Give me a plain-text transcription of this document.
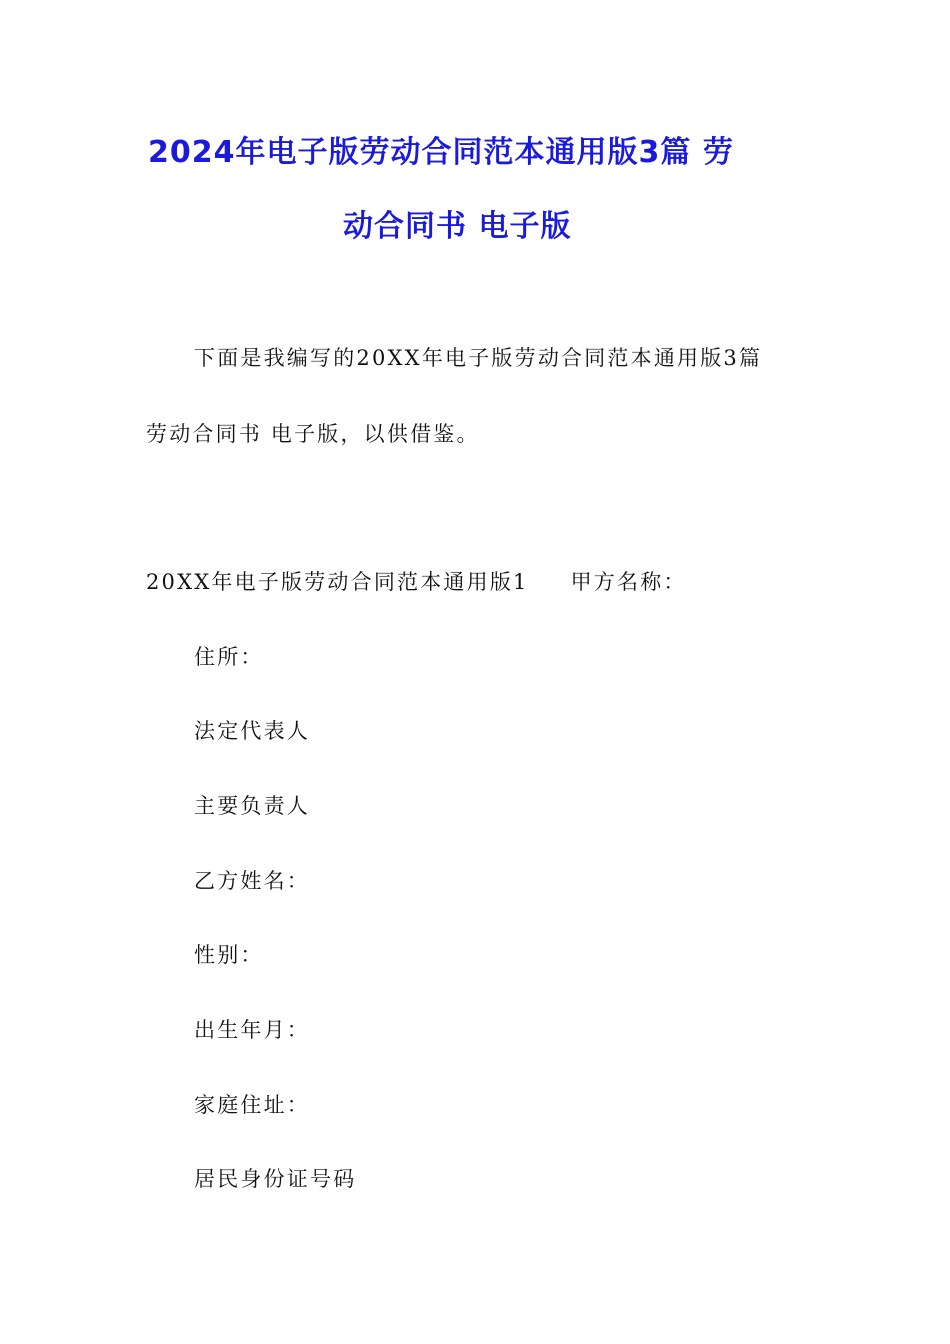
2024年电子版劳动合同范本通用版3篇 劳
动合同书 电子版
下面是我编写的20XX年电子版劳动合同范本通用版3篇
劳动合同书 电子版，以供借鉴。
20XX年电子版劳动合同范本通用版1 甲方名称：
住所：
法定代表人
主要负责人
乙方姓名：
性别：
出生年月：
家庭住址：
居民身份证号码
